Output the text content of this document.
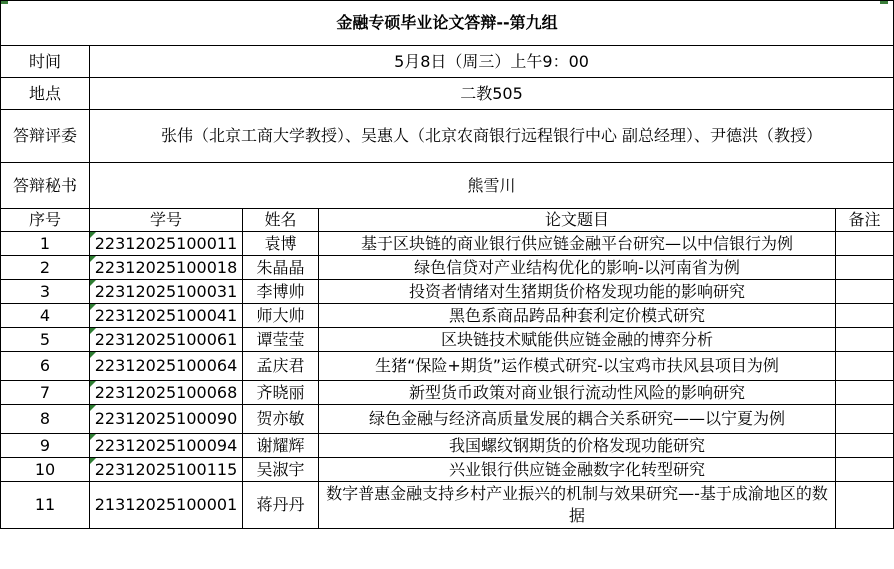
金融专硕毕业论文答辩--第九组				
时间	5月8日（周三）上午9：00			
地点	二教505			
答辩评委	张伟（北京工商大学教授）、吴惠人（北京农商银行远程银行中心 副总经理）、尹德洪（教授）			
答辩秘书	熊雪川			
序号	学号	姓名	论文题目	备注
1	22312025100011	袁博	基于区块链的商业银行供应链金融平台研究—以中信银行为例	
2	22312025100018	朱晶晶	绿色信贷对产业结构优化的影响-以河南省为例	
3	22312025100031	李博帅	投资者情绪对生猪期货价格发现功能的影响研究	
4	22312025100041	师大帅	黑色系商品跨品种套利定价模式研究	
5	22312025100061	谭莹莹	区块链技术赋能供应链金融的博弈分析	
6	22312025100064	孟庆君	生猪“保险+期货”运作模式研究-以宝鸡市扶风县项目为例	
7	22312025100068	齐晓丽	新型货币政策对商业银行流动性风险的影响研究	
8	22312025100090	贺亦敏	绿色金融与经济高质量发展的耦合关系研究——以宁夏为例	
9	22312025100094	谢耀辉	我国螺纹钢期货的价格发现功能研究	
10	22312025100115	吴淑宇	兴业银行供应链金融数字化转型研究	
11	21312025100001	蒋丹丹	数字普惠金融支持乡村产业振兴的机制与效果研究—-基于成渝地区的数据	
